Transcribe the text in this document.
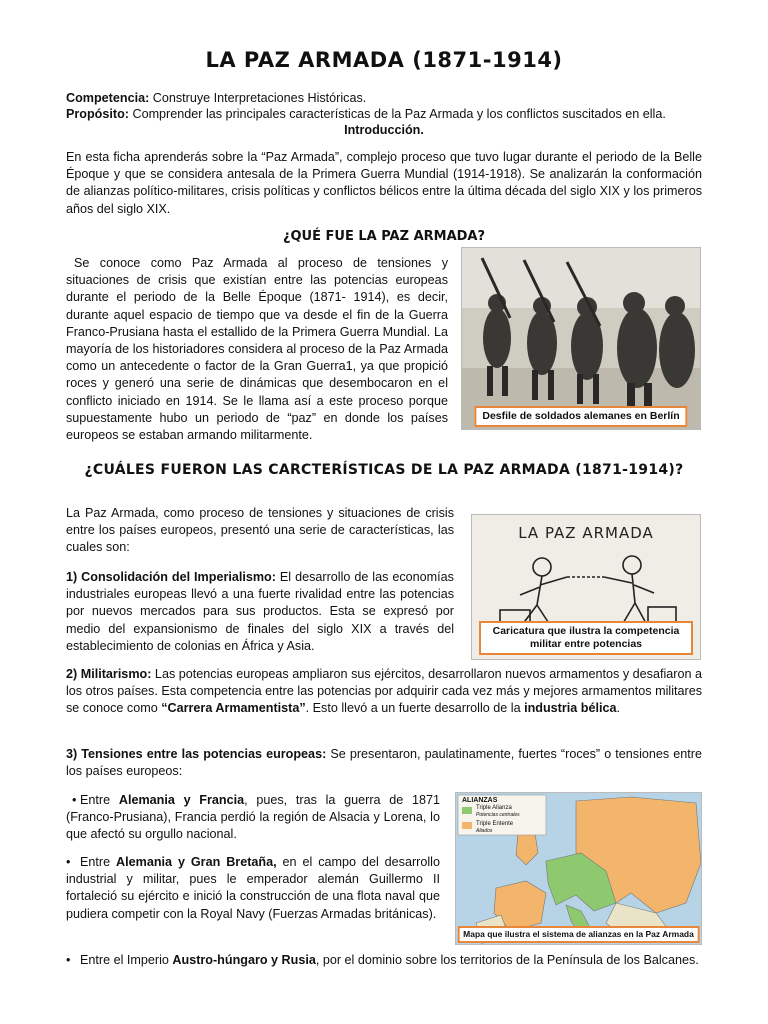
LA PAZ ARMADA (1871-1914)
Competencia: Construye Interpretaciones Históricas.
Propósito: Comprender las principales características de la Paz Armada y los conflictos suscitados en ella.
Introducción.
En esta ficha aprenderás sobre la “Paz Armada”, complejo proceso que tuvo lugar durante el periodo de la Belle Époque y que se considera antesala de la Primera Guerra Mundial (1914-1918). Se analizarán la conformación de alianzas político-militares, crisis políticas y conflictos bélicos entre la última década del siglo XIX y los primeros años del siglo XIX.
¿QUÉ FUE LA PAZ ARMADA?
Se conoce como Paz Armada al proceso de tensiones y situaciones de crisis que existían entre las potencias europeas durante el periodo de la Belle Époque (1871- 1914), es decir, durante aquel espacio de tiempo que va desde el fin de la Guerra Franco-Prusiana hasta el estallido de la Primera Guerra Mundial. La mayoría de los historiadores considera al proceso de la Paz Armada como un antecedente o factor de la Gran Guerra1, ya que propició roces y generó una serie de dinámicas que desembocaron en el conflicto iniciado en 1914. Se le llama así a este proceso porque supuestamente hubo un periodo de “paz” en donde los países europeos se estaban armando militarmente.
Desfile de soldados alemanes en Berlín
¿CUÁLES FUERON LAS CARCTERÍSTICAS DE LA PAZ ARMADA (1871-1914)?
La Paz Armada, como proceso de tensiones y situaciones de crisis entre los países europeos, presentó una serie de características, las cuales son:
LA PAZ ARMADA
Caricatura que ilustra la competencia militar entre potencias
1) Consolidación del Imperialismo: El desarrollo de las economías industriales europeas llevó a una fuerte rivalidad entre las potencias por nuevos mercados para sus productos. Esta se expresó por medio del expansionismo de finales del siglo XIX a través del establecimiento de colonias en África y Asia.
2) Militarismo: Las potencias europeas ampliaron sus ejércitos, desarrollaron nuevos armamentos y desafiaron a los otros países. Esta competencia entre las potencias por adquirir cada vez más y mejores armamentos militares se conoce como “Carrera Armamentista”. Esto llevó a un fuerte desarrollo de la industria bélica.
3) Tensiones entre las potencias europeas: Se presentaron, paulatinamente, fuertes “roces” o tensiones entre los países europeos:
• Entre Alemania y Francia, pues, tras la guerra de 1871 (Franco-Prusiana), Francia perdió la región de Alsacia y Lorena, lo que afectó su orgullo nacional.
• Entre Alemania y Gran Bretaña, en el campo del desarrollo industrial y militar, pues le emperador alemán Guillermo II fortaleció su ejército e inició la construcción de una flota naval que pudiera competir con la Royal Navy (Fuerzas Armadas británicas).
ALIANZAS
Triple Alianza
Potencias centrales
Triple Entente
Aliados
Mapa que ilustra el sistema de alianzas en la Paz Armada
• Entre el Imperio Austro-húngaro y Rusia, por el dominio sobre los territorios de la Península de los Balcanes.
